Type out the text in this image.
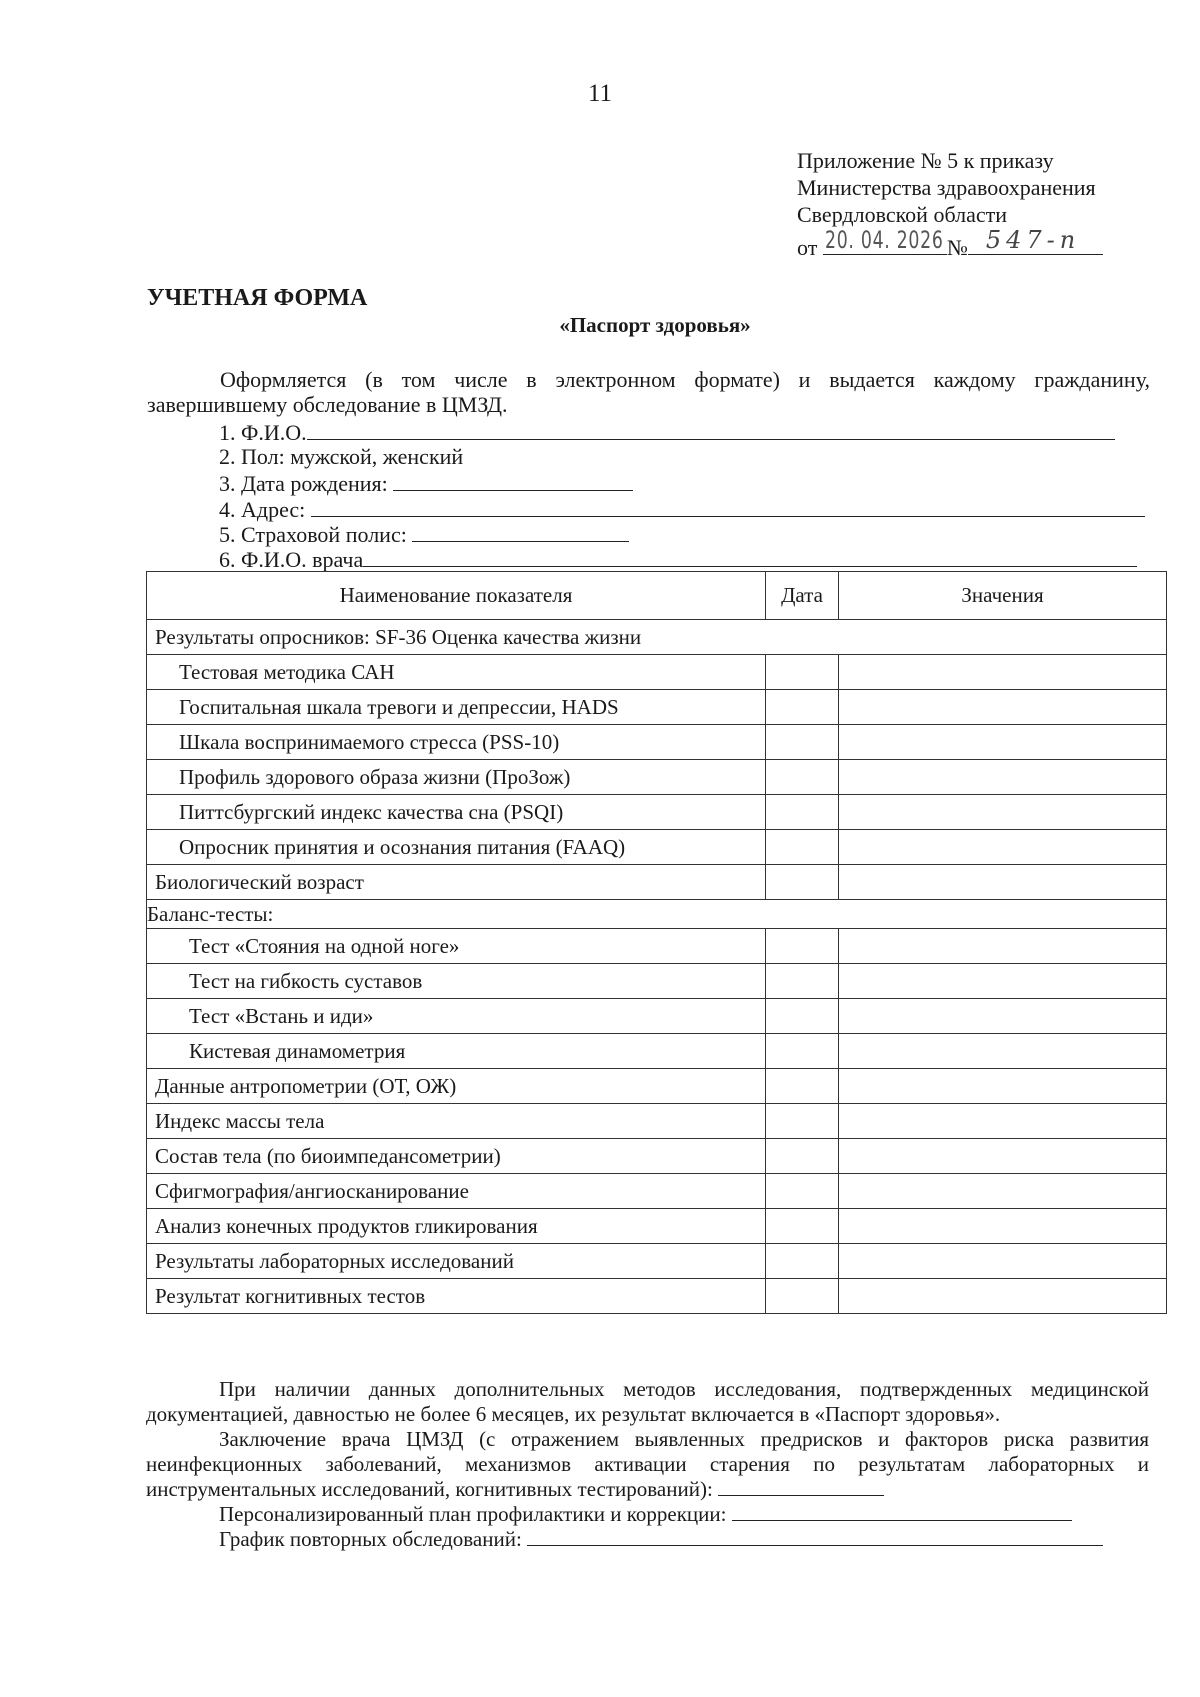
11
Приложение № 5 к приказу
Министерства здравоохранения
Свердловской области
от 20. 04. 2026 № 547-п
УЧЕТНАЯ ФОРМА
«Паспорт здоровья»
Оформляется (в том числе в электронном формате) и выдается каждому гражданину, завершившему обследование в ЦМЗД.
1. Ф.И.О.
2. Пол: мужской, женский
3. Дата рождения:
4. Адрес:
5. Страховой полис:
6. Ф.И.О. врача
Наименование показателя	Дата	Значения
Результаты опросников: SF-36 Оценка качества жизни		
Тестовая методика САН		
Госпитальная шкала тревоги и депрессии, HADS		
Шкала воспринимаемого стресса (PSS-10)		
Профиль здорового образа жизни (ПроЗож)		
Питтсбургский индекс качества сна (PSQI)		
Опросник принятия и осознания питания (FAAQ)		
Биологический возраст		
Баланс-тесты:		
Тест «Стояния на одной ноге»		
Тест на гибкость суставов		
Тест «Встань и иди»		
Кистевая динамометрия		
Данные антропометрии (ОТ, ОЖ)		
Индекс массы тела		
Состав тела (по биоимпедансометрии)		
Сфигмография/ангиосканирование		
Анализ конечных продуктов гликирования		
Результаты лабораторных исследований		
Результат когнитивных тестов		

При наличии данных дополнительных методов исследования, подтвержденных медицинской документацией, давностью не более 6 месяцев, их результат включается в «Паспорт здоровья».

Заключение врача ЦМЗД (с отражением выявленных предрисков и факторов риска развития неинфекционных заболеваний, механизмов активации старения по результатам лабораторных и инструментальных исследований, когнитивных тестирований):

Персонализированный план профилактики и коррекции:

График повторных обследований:
